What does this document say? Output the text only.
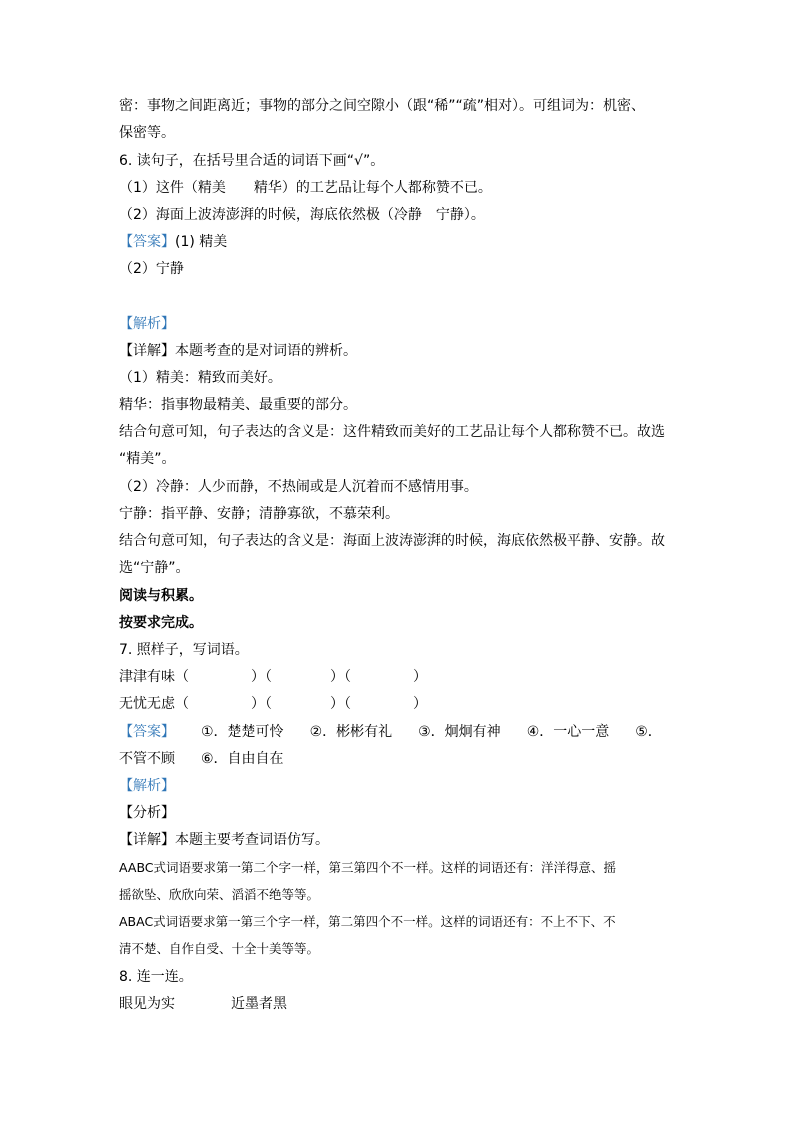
密：事物之间距离近；事物的部分之间空隙小（跟“稀”“疏”相对）。可组词为：机密、
保密等。
6. 读句子，在括号里合适的词语下画“√”。
（1）这件（精美　　精华）的工艺品让每个人都称赞不已。
（2）海面上波涛澎湃的时候，海底依然极（冷静　宁静）。
【答案】(1) 精美
（2）宁静
【解析】
【详解】本题考查的是对词语的辨析。
（1）精美：精致而美好。
精华：指事物最精美、最重要的部分。
结合句意可知，句子表达的含义是：这件精致而美好的工艺品让每个人都称赞不已。故选
“精美”。
（2）冷静：人少而静，不热闹或是人沉着而不感情用事。
宁静：指平静、安静；清静寡欲，不慕荣利。
结合句意可知，句子表达的含义是：海面上波涛澎湃的时候，海底依然极平静、安静。故
选“宁静”。
阅读与积累。
按要求完成。
7. 照样子，写词语。
津津有味（	）（	）（	）
无忧无虑（	）（	）（	）
【答案】 ①．楚楚可怜 ②．彬彬有礼 ③．炯炯有神 ④．一心一意 ⑤．
不管不顾 ⑥．自由自在
【解析】
【分析】
【详解】本题主要考查词语仿写。
AABC式词语要求第一第二个字一样，第三第四个不一样。这样的词语还有：洋洋得意、摇
摇欲坠、欣欣向荣、滔滔不绝等等。
ABAC式词语要求第一第三个字一样，第二第四个不一样。这样的词语还有：不上不下、不
清不楚、自作自受、十全十美等等。
8. 连一连。
眼见为实	近墨者黑
